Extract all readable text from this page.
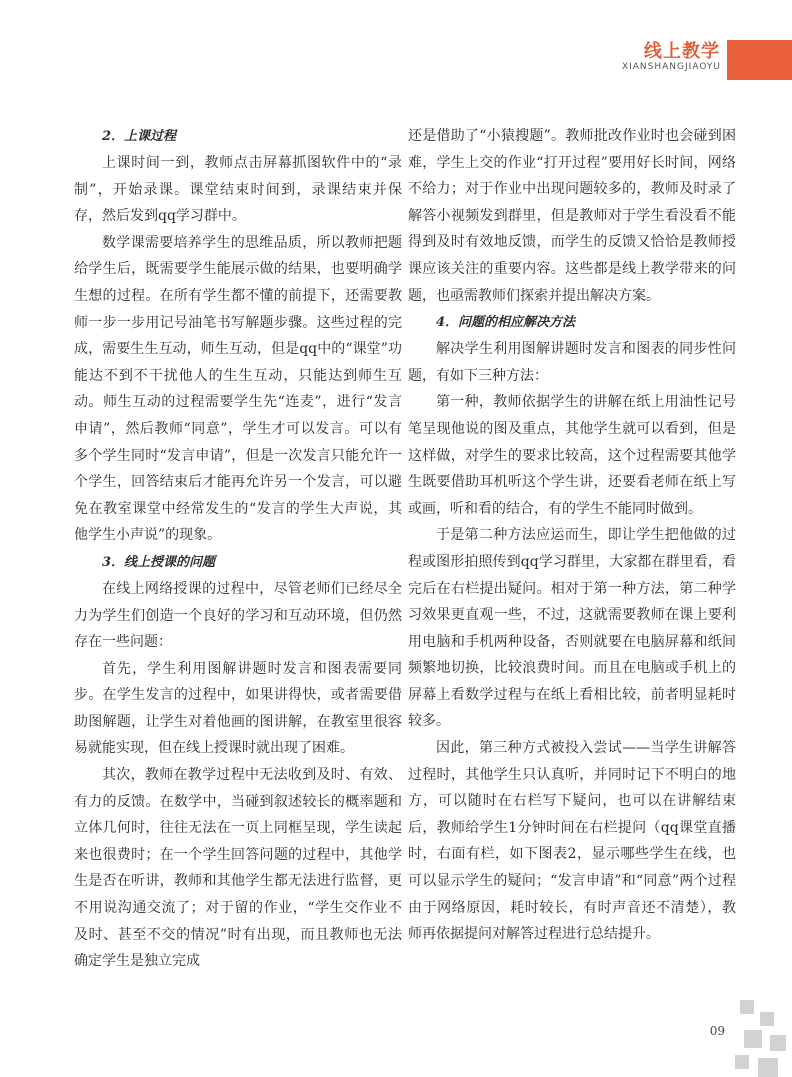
线上教学
XIANSHANGJIAOYU
2．上课过程

上课时间一到，教师点击屏幕抓图软件中的“录制”，开始录课。课堂结束时间到，录课结束并保存，然后发到qq学习群中。

数学课需要培养学生的思维品质，所以教师把题给学生后，既需要学生能展示做的结果，也要明确学生想的过程。在所有学生都不懂的前提下，还需要教师一步一步用记号油笔书写解题步骤。这些过程的完成，需要生生互动，师生互动，但是qq中的“课堂”功能达不到不干扰他人的生生互动，只能达到师生互动。师生互动的过程需要学生先“连麦”，进行“发言申请”，然后教师“同意”，学生才可以发言。可以有多个学生同时“发言申请”，但是一次发言只能允许一个学生，回答结束后才能再允许另一个发言，可以避免在教室课堂中经常发生的“发言的学生大声说，其他学生小声说”的现象。

3．线上授课的问题

在线上网络授课的过程中，尽管老师们已经尽全力为学生们创造一个良好的学习和互动环境，但仍然存在一些问题：

首先，学生利用图解讲题时发言和图表需要同步。在学生发言的过程中，如果讲得快，或者需要借助图解题，让学生对着他画的图讲解，在教室里很容易就能实现，但在线上授课时就出现了困难。

其次，教师在教学过程中无法收到及时、有效、有力的反馈。在数学中，当碰到叙述较长的概率题和立体几何时，往往无法在一页上同框呈现，学生读起来也很费时；在一个学生回答问题的过程中，其他学生是否在听讲，教师和其他学生都无法进行监督，更不用说沟通交流了；对于留的作业，“学生交作业不及时、甚至不交的情况”时有出现，而且教师也无法确定学生是独立完成

还是借助了“小猿搜题”。教师批改作业时也会碰到困难，学生上交的作业“打开过程”要用好长时间，网络不给力；对于作业中出现问题较多的，教师及时录了解答小视频发到群里，但是教师对于学生看没看不能得到及时有效地反馈，而学生的反馈又恰恰是教师授课应该关注的重要内容。这些都是线上教学带来的问题，也亟需教师们探索并提出解决方案。

4．问题的相应解决方法

解决学生利用图解讲题时发言和图表的同步性问题，有如下三种方法：

第一种，教师依据学生的讲解在纸上用油性记号笔呈现他说的图及重点，其他学生就可以看到，但是这样做，对学生的要求比较高，这个过程需要其他学生既要借助耳机听这个学生讲，还要看老师在纸上写或画，听和看的结合，有的学生不能同时做到。

于是第二种方法应运而生，即让学生把他做的过程或图形拍照传到qq学习群里，大家都在群里看，看完后在右栏提出疑问。相对于第一种方法，第二种学习效果更直观一些，不过，这就需要教师在课上要利用电脑和手机两种设备，否则就要在电脑屏幕和纸间频繁地切换，比较浪费时间。而且在电脑或手机上的屏幕上看数学过程与在纸上看相比较，前者明显耗时较多。

因此，第三种方式被投入尝试——当学生讲解答过程时，其他学生只认真听，并同时记下不明白的地方，可以随时在右栏写下疑问，也可以在讲解结束后，教师给学生1分钟时间在右栏提问（qq课堂直播时，右面有栏，如下图表2，显示哪些学生在线，也可以显示学生的疑问；“发言申请”和“同意”两个过程由于网络原因，耗时较长，有时声音还不清楚），教师再依据提问对解答过程进行总结提升。

09
